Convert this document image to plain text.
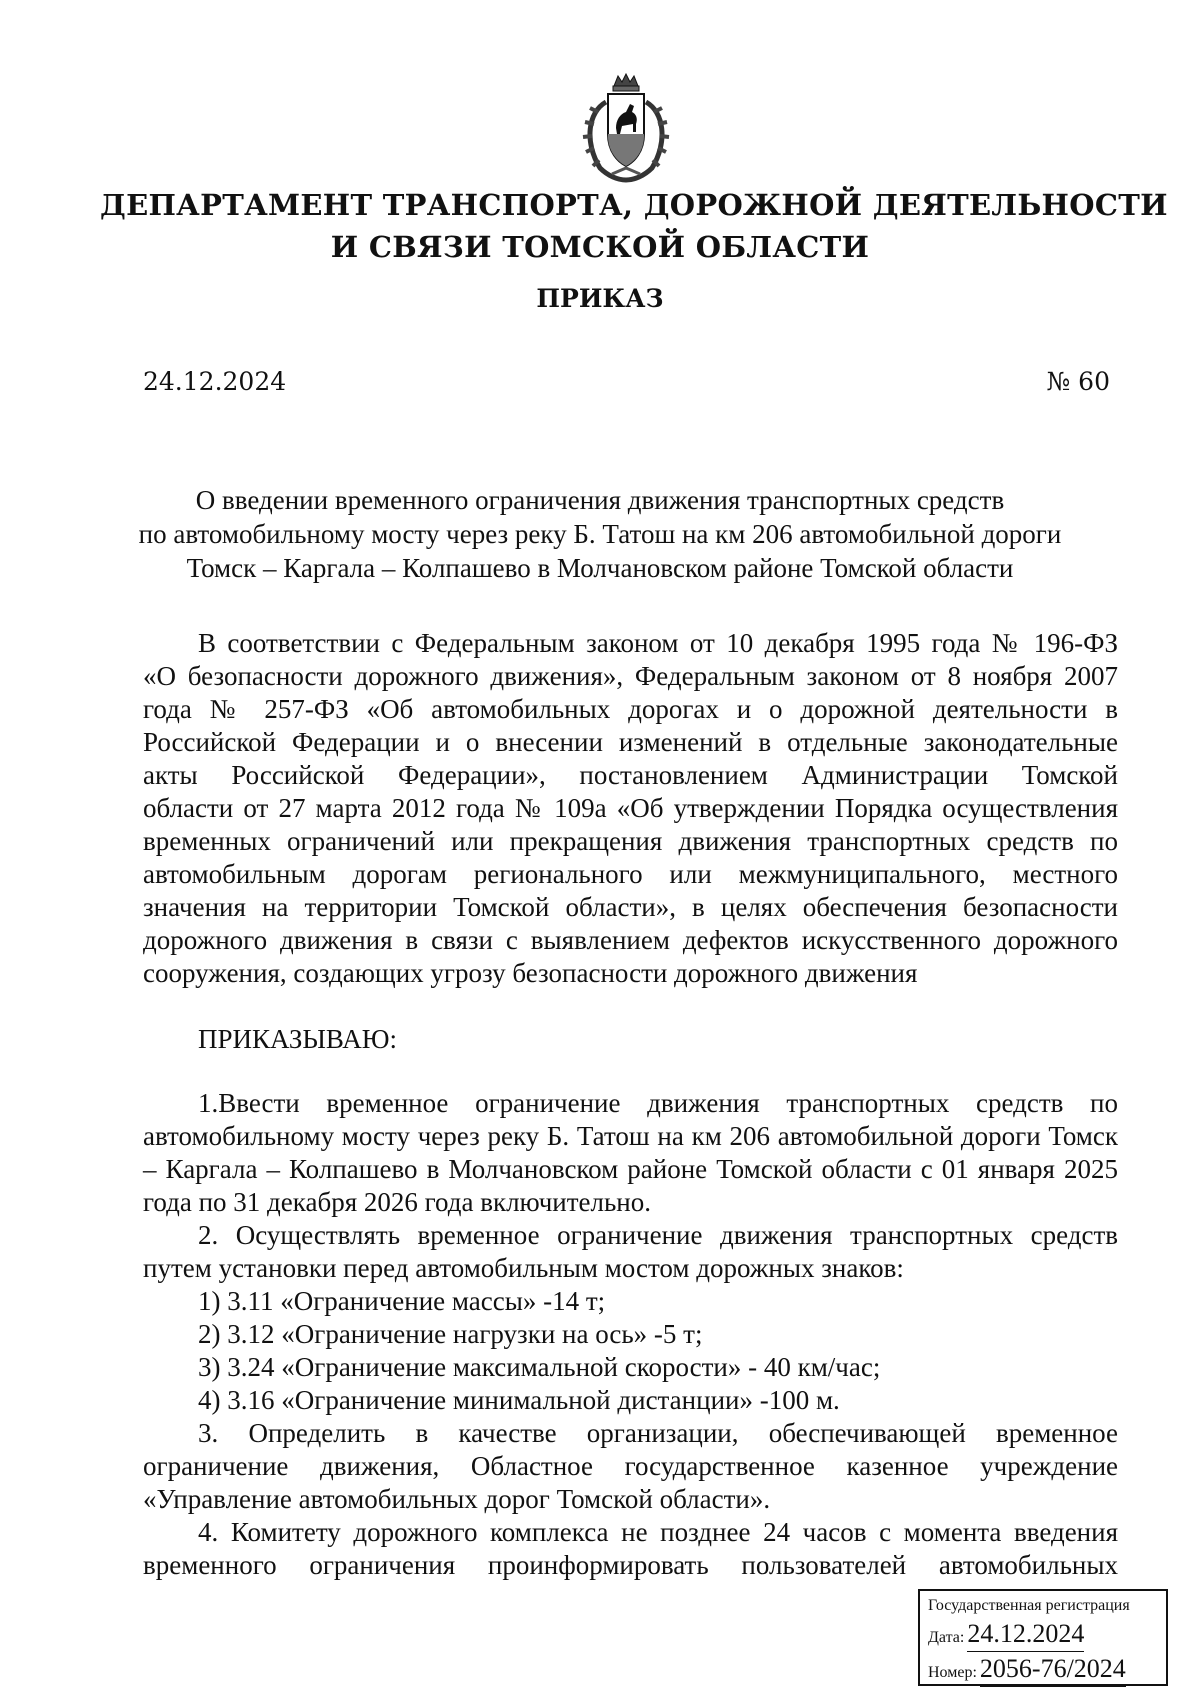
ДЕПАРТАМЕНТ ТРАНСПОРТА, ДОРОЖНОЙ ДЕЯТЕЛЬНОСТИ
И СВЯЗИ ТОМСКОЙ ОБЛАСТИ
ПРИКАЗ
24.12.2024	№ 60
О введении временного ограничения движения транспортных средств
по автомобильному мосту через реку Б. Татош на км 206 автомобильной дороги
Томск – Каргала – Колпашево в Молчановском районе Томской области
В соответствии с Федеральным законом от 10 декабря 1995 года № 196-ФЗ
«О безопасности дорожного движения», Федеральным законом от 8 ноября 2007
года № 257-ФЗ «Об автомобильных дорогах и о дорожной деятельности в
Российской Федерации и о внесении изменений в отдельные законодательные
акты Российской Федерации», постановлением Администрации Томской
области от 27 марта 2012 года № 109а «Об утверждении Порядка осуществления
временных ограничений или прекращения движения транспортных средств по
автомобильным дорогам регионального или межмуниципального, местного
значения на территории Томской области», в целях обеспечения безопасности
дорожного движения в связи с выявлением дефектов искусственного дорожного
сооружения, создающих угрозу безопасности дорожного движения
ПРИКАЗЫВАЮ:
1.Ввести временное ограничение движения транспортных средств по
автомобильному мосту через реку Б. Татош на км 206 автомобильной дороги Томск
– Каргала – Колпашево в Молчановском районе Томской области с 01 января 2025
года по 31 декабря 2026 года включительно.
2. Осуществлять временное ограничение движения транспортных средств
путем установки перед автомобильным мостом дорожных знаков:
1) 3.11 «Ограничение массы» -14 т;
2) 3.12 «Ограничение нагрузки на ось» -5 т;
3) 3.24 «Ограничение максимальной скорости» - 40 км/час;
4) 3.16 «Ограничение минимальной дистанции» -100 м.
3. Определить в качестве организации, обеспечивающей временное
ограничение движения, Областное государственное казенное учреждение
«Управление автомобильных дорог Томской области».
4. Комитету дорожного комплекса не позднее 24 часов с момента введения
временного ограничения проинформировать пользователей автомобильных
Государственная регистрация
Дата: 24.12.2024
Номер: 2056-76/2024
